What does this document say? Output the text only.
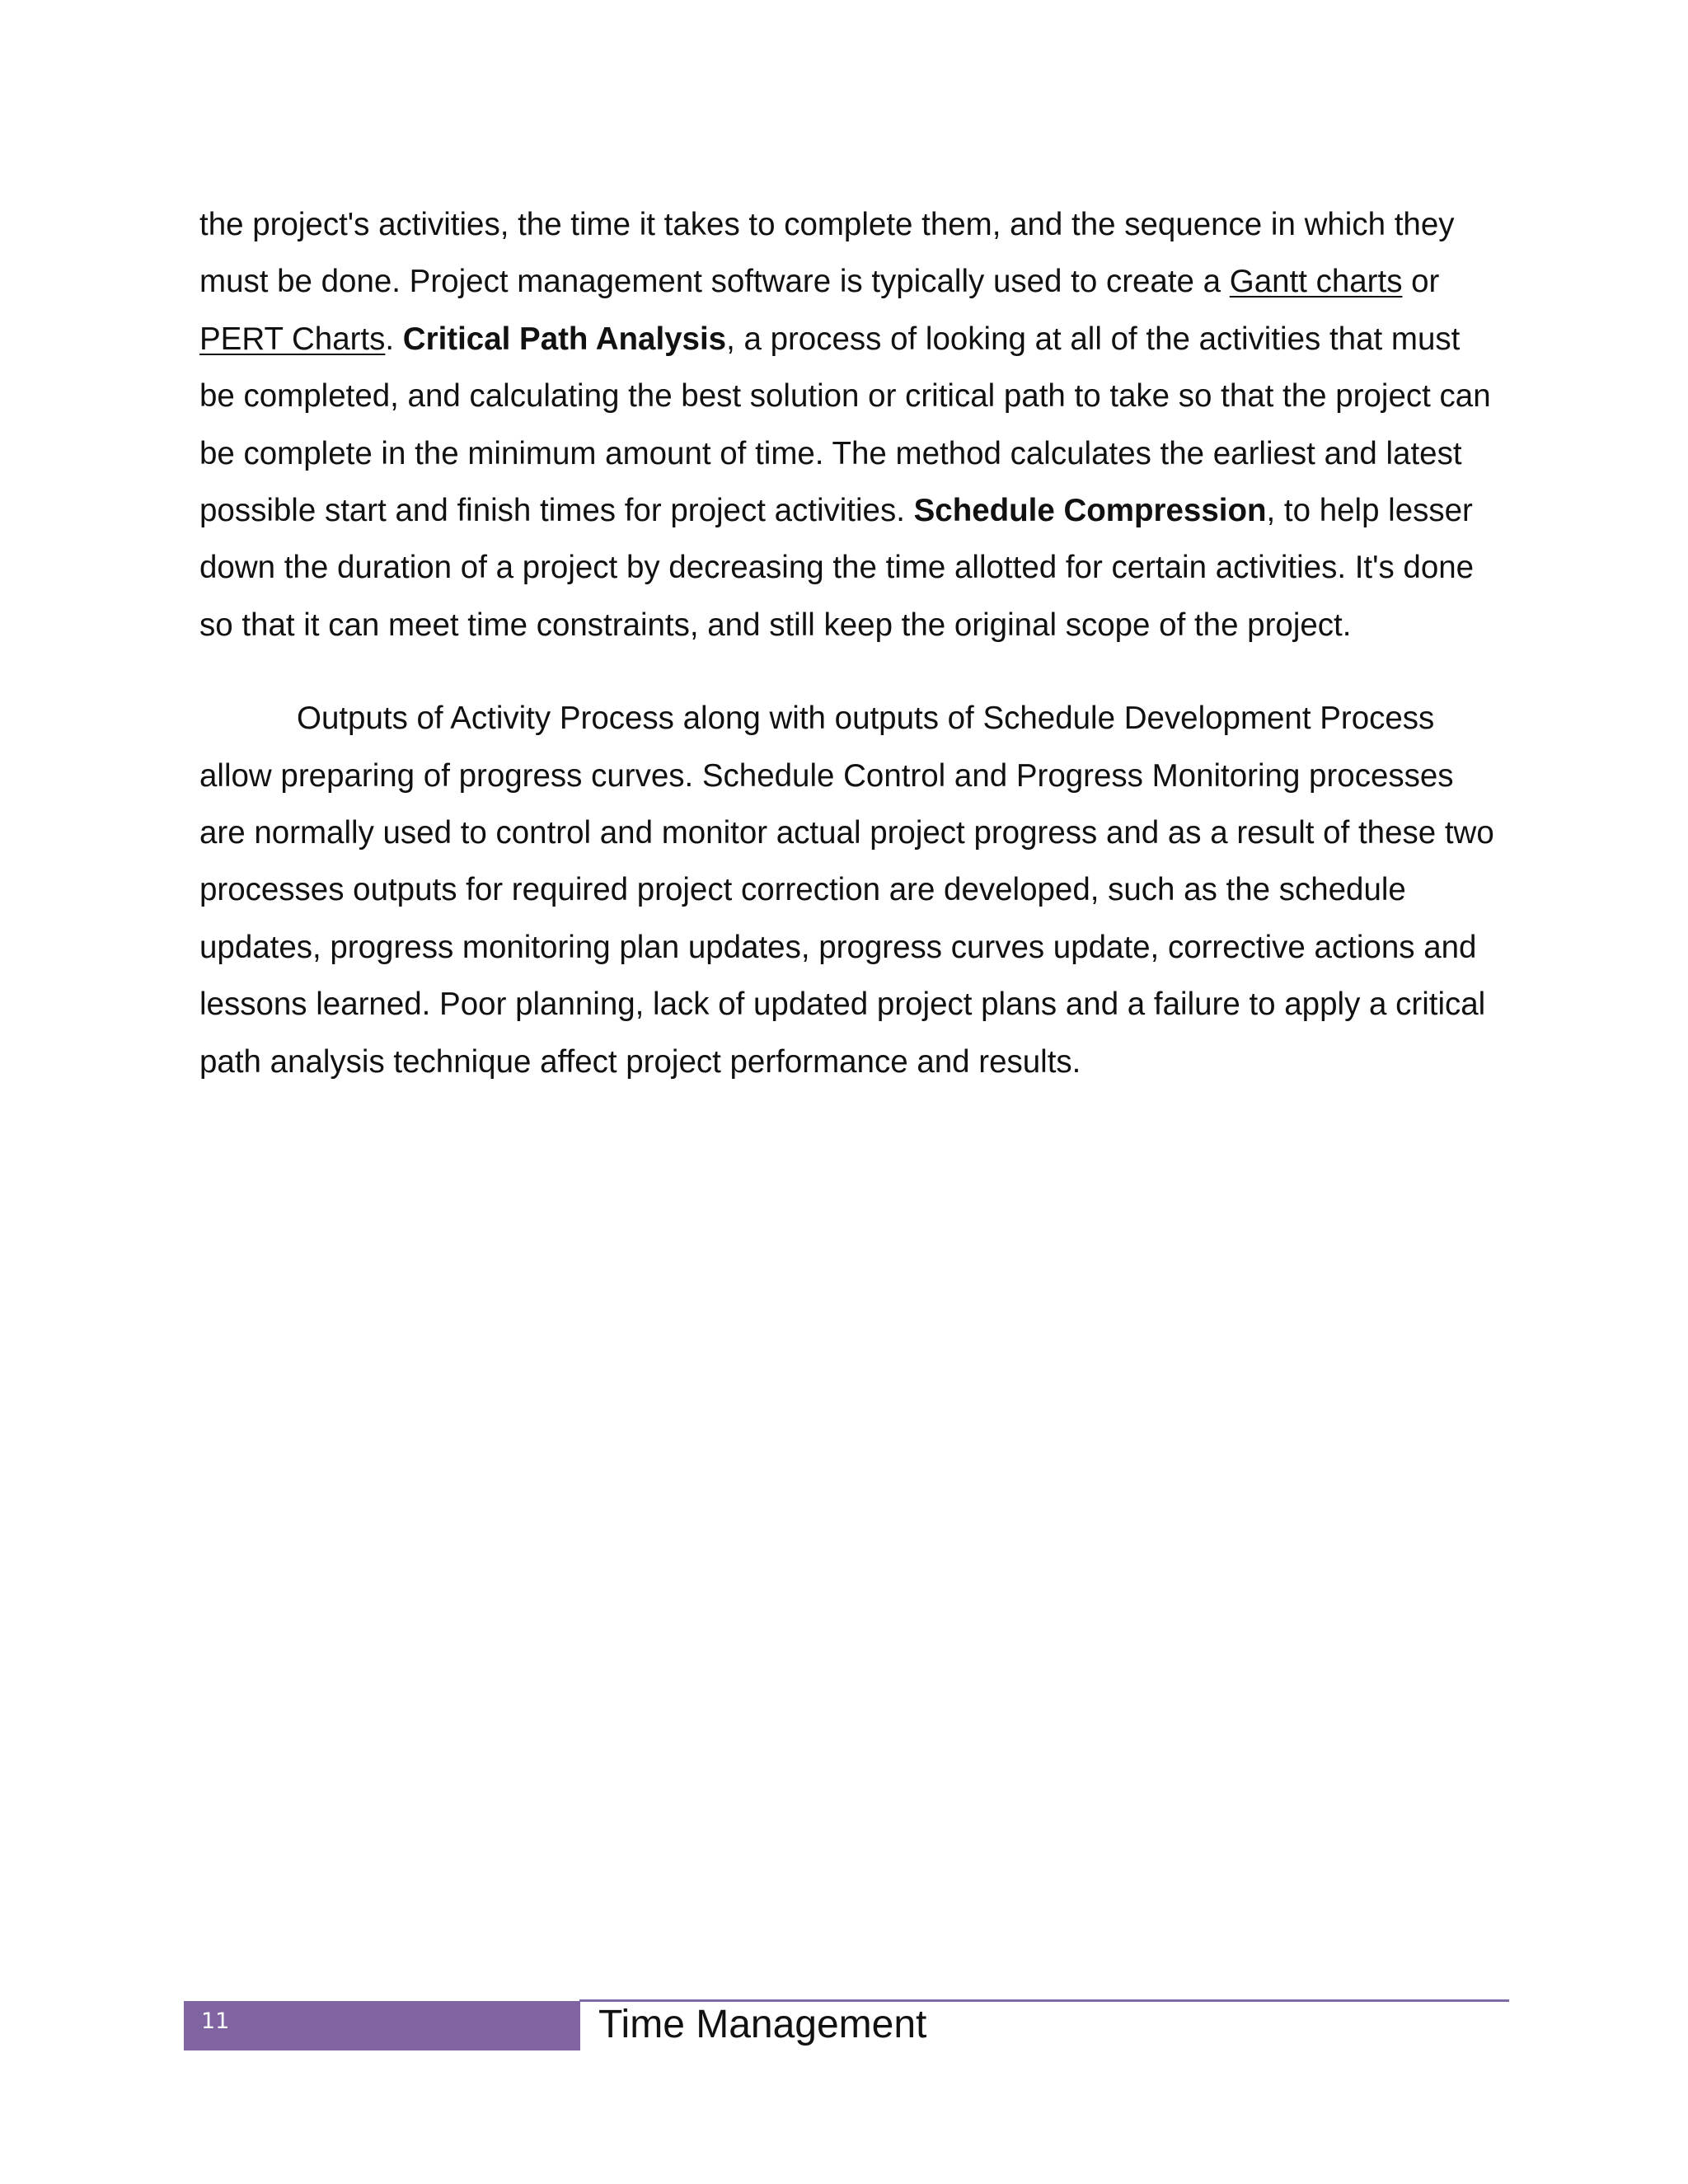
the project's activities, the time it takes to complete them, and the sequence in which they must be done. Project management software is typically used to create a Gantt charts or PERT Charts. Critical Path Analysis, a process of looking at all of the activities that must be completed, and calculating the best solution or critical path to take so that the project can be complete in the minimum amount of time. The method calculates the earliest and latest possible start and finish times for project activities. Schedule Compression, to help lesser down the duration of a project by decreasing the time allotted for certain activities. It's done so that it can meet time constraints, and still keep the original scope of the project.

Outputs of Activity Process along with outputs of Schedule Development Process allow preparing of progress curves. Schedule Control and Progress Monitoring processes are normally used to control and monitor actual project progress and as a result of these two processes outputs for required project correction are developed, such as the schedule updates, progress monitoring plan updates, progress curves update, corrective actions and lessons learned. Poor planning, lack of updated project plans and a failure to apply a critical path analysis technique affect project performance and results.

11	Time Management
